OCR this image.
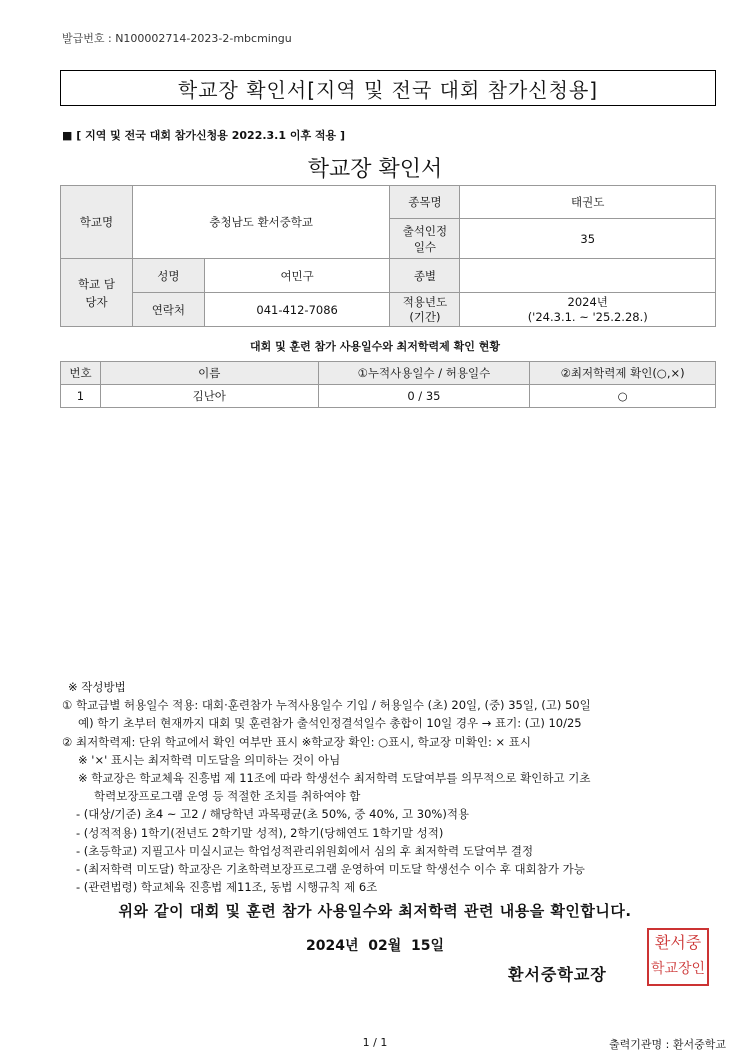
발급번호 : N100002714-2023-2-mbcmingu
학교장 확인서[지역 및 전국 대회 참가신청용]
■ [ 지역 및 전국 대회 참가신청용 2022.3.1 이후 적용 ]
학교장 확인서
학교명	충청남도 환서중학교		종목명	태권도
			출석인정 일수	35
학교 담당자	성명	여민구	종별	
	연락처	041-412-7086	적용년도 (기간)	2024년
('24.3.1. ~ '25.2.28.)
대회 및 훈련 참가 사용일수와 최저학력제 확인 현황
번호	이름	①누적사용일수 / 허용일수	②최저학력제 확인(○,×)
1	김난아	0 / 35	○
※ 작성방법
① 학교급별 허용일수 적용: 대회·훈련참가 누적사용일수 기입 / 허용일수 (초) 20일, (중) 35일, (고) 50일
예) 학기 초부터 현재까지 대회 및 훈련참가 출석인정결석일수 총합이 10일 경우 → 표기: (고) 10/25
② 최저학력제: 단위 학교에서 확인 여부만 표시 ※학교장 확인: ○표시, 학교장 미확인: × 표시
※ '×' 표시는 최저학력 미도달을 의미하는 것이 아님
※ 학교장은 학교체육 진흥법 제 11조에 따라 학생선수 최저학력 도달여부를 의무적으로 확인하고 기초
학력보장프로그램 운영 등 적절한 조치를 취하여야 함
- (대상/기준) 초4 ~ 고2 / 해당학년 과목평균(초 50%, 중 40%, 고 30%)적용
- (성적적용) 1학기(전년도 2학기말 성적), 2학기(당해연도 1학기말 성적)
- (초등학교) 지필고사 미실시교는 학업성적관리위원회에서 심의 후 최저학력 도달여부 결정
- (최저학력 미도달) 학교장은 기초학력보장프로그램 운영하여 미도달 학생선수 이수 후 대회참가 가능
- (관련법령) 학교체육 진흥법 제11조, 동법 시행규칙 제 6조
위와 같이 대회 및 훈련 참가 사용일수와 최저학력 관련 내용을 확인합니다.
2024년  02월  15일
환서중학교장
환서중
학교장인
1 / 1	출력기관명 : 환서중학교
